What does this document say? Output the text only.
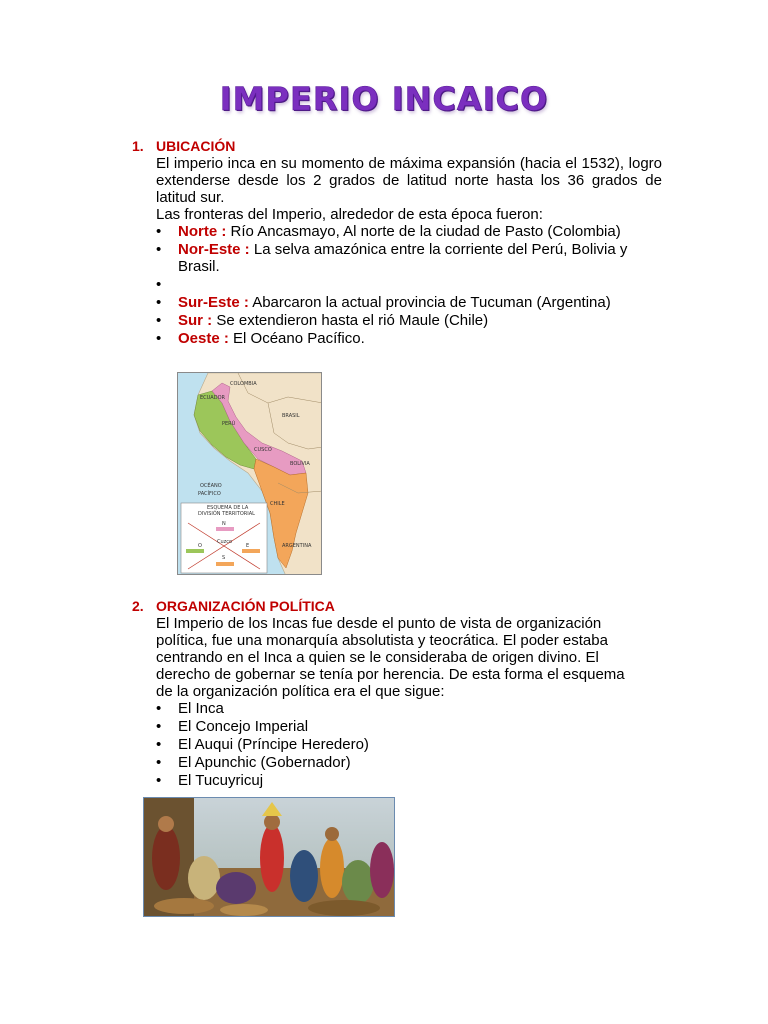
IMPERIO INCAICO
1. UBICACIÓN

El imperio inca en su momento de máxima expansión (hacia el 1532), logro extenderse desde los 2 grados de latitud norte hasta los 36 grados de latitud sur.

Las fronteras del Imperio, alrededor de esta época fueron:

• Norte : Río Ancasmayo, Al norte de la ciudad de Pasto (Colombia)
• Nor-Este : La selva amazónica entre la corriente del Perú, Bolivia y Brasil.
•
• Sur-Este : Abarcaron la actual provincia de Tucuman (Argentina)
• Sur : Se extendieron hasta el rió Maule (Chile)
• Oeste : El Océano Pacífico.
COLOMBIA
ECUADOR
PERÚ
BRASIL
CUSCO
BOLIVIA
OCÉANO
PACÍFICO
CHILE
ARGENTINA
ESQUEMA DE LA
DIVISIÓN TERRITORIAL
N
O	E
S
Cuzco
2. ORGANIZACIÓN POLÍTICA

El Imperio de los Incas fue desde el punto de vista de organización política, fue una monarquía absolutista y teocrática. El poder estaba centrando en el Inca a quien se le consideraba de origen divino. El derecho de gobernar se tenía por herencia. De esta forma el esquema de la organización política era el que sigue:

• El Inca
• El Concejo Imperial
• El Auqui (Príncipe Heredero)
• El Apunchic (Gobernador)
• El Tucuyricuj
